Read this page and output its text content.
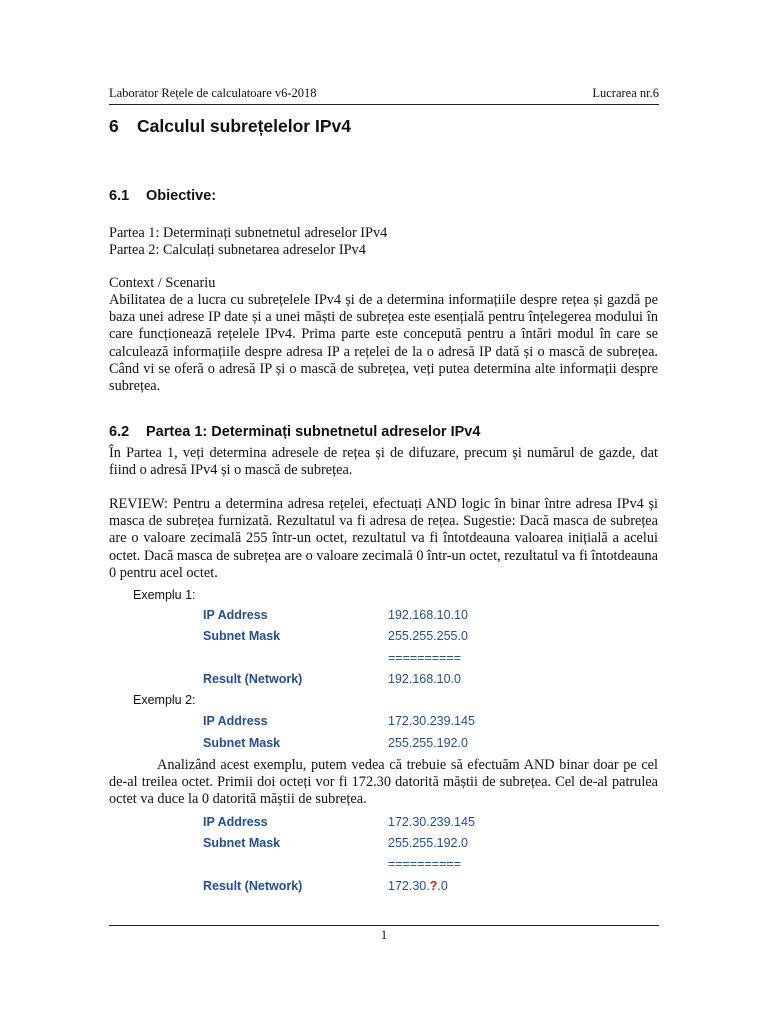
Laborator Rețele de calculatoare v6-2018	Lucrarea nr.6
6 Calculul subrețelelor IPv4
6.1 Obiective:
Partea 1: Determinați subnetnetul adreselor IPv4
Partea 2: Calculați subnetarea adreselor IPv4
Context / Scenariu
Abilitatea de a lucra cu subrețelele IPv4 și de a determina informațiile despre rețea și gazdă pe baza unei adrese IP date și a unei măști de subrețea este esențială pentru înțelegerea modului în care funcționează rețelele IPv4. Prima parte este concepută pentru a întări modul în care se calculează informațiile despre adresa IP a rețelei de la o adresă IP dată și o mască de subrețea. Când vi se oferă o adresă IP și o mască de subrețea, veți putea determina alte informații despre subrețea.
6.2 Partea 1: Determinați subnetnetul adreselor IPv4
În Partea 1, veți determina adresele de rețea și de difuzare, precum și numărul de gazde, dat fiind o adresă IPv4 și o mască de subrețea.
REVIEW: Pentru a determina adresa rețelei, efectuați AND logic în binar între adresa IPv4 și masca de subrețea furnizată. Rezultatul va fi adresa de rețea. Sugestie: Dacă masca de subrețea are o valoare zecimală 255 într-un octet, rezultatul va fi întotdeauna valoarea inițială a acelui octet. Dacă masca de subrețea are o valoare zecimală 0 într-un octet, rezultatul va fi întotdeauna 0 pentru acel octet.
Exemplu 1:
IP Address	192.168.10.10
Subnet Mask	255.255.255.0
==========
Result (Network)	192.168.10.0
Exemplu 2:
IP Address	172.30.239.145
Subnet Mask	255.255.192.0
Analizând acest exemplu, putem vedea că trebuie să efectuăm AND binar doar pe cel de-al treilea octet. Primii doi octeți vor fi 172.30 datorită măștii de subrețea. Cel de-al patrulea octet va duce la 0 datorită măștii de subrețea.
IP Address	172.30.239.145
Subnet Mask	255.255.192.0
==========
Result (Network)	172.30.?.0
1
